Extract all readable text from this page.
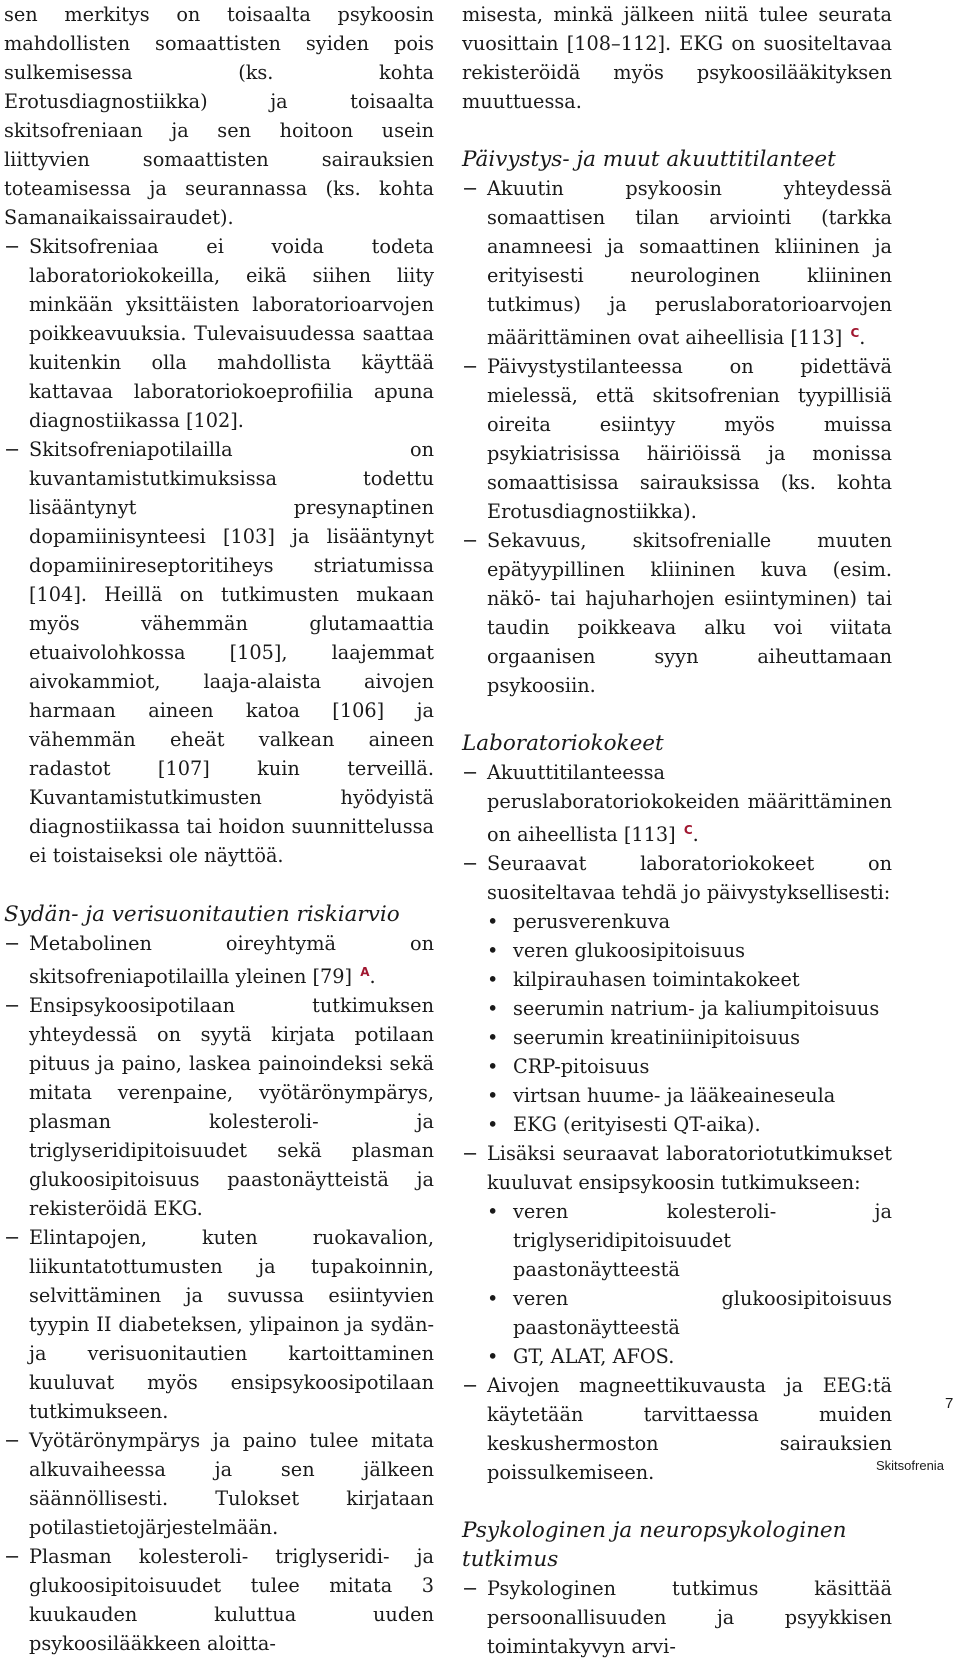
sen merkitys on toisaalta psykoosin mahdollisten somaattisten syiden pois sulkemisessa (ks. kohta Erotusdiagnostiikka) ja toisaalta skitsofreniaan ja sen hoitoon usein liittyvien somaattisten sairauksien toteamisessa ja seurannassa (ks. kohta Samanaikaissairaudet).

− Skitsofreniaa ei voida todeta laboratoriokokeilla, eikä siihen liity minkään yksittäisten laboratorioarvojen poikkeavuuksia. Tulevaisuudessa saattaa kuitenkin olla mahdollista käyttää kattavaa laboratoriokoeprofiilia apuna diagnostiikassa [102].
− Skitsofreniapotilailla on kuvantamistutkimuksissa todettu lisääntynyt presynaptinen dopamiinisynteesi [103] ja lisääntynyt dopamiinireseptoritiheys striatumissa [104]. Heillä on tutkimusten mukaan myös vähemmän glutamaattia etuaivolohkossa [105], laajemmat aivokammiot, laaja-alaista aivojen harmaan aineen katoa [106] ja vähemmän eheät valkean aineen radastot [107] kuin terveillä. Kuvantamistutkimusten hyödyistä diagnostiikassa tai hoidon suunnittelussa ei toistaiseksi ole näyttöä.
Sydän- ja verisuonitautien riskiarvio
− Metabolinen oireyhtymä on skitsofreniapotilailla yleinen [79] $^A$.
− Ensipsykoosipotilaan tutkimuksen yhteydessä on syytä kirjata potilaan pituus ja paino, laskea painoindeksi sekä mitata verenpaine, vyötärönympärys, plasman kolesteroli- ja triglyseridipitoisuudet sekä plasman glukoosipitoisuus paastonäytteistä ja rekisteröidä EKG.
− Elintapojen, kuten ruokavalion, liikuntatottumusten ja tupakoinnin, selvittäminen ja suvussa esiintyvien tyypin II diabeteksen, ylipainon ja sydän- ja verisuonitautien kartoittaminen kuuluvat myös ensipsykoosipotilaan tutkimukseen.
− Vyötärönympärys ja paino tulee mitata alkuvaiheessa ja sen jälkeen säännöllisesti. Tulokset kirjataan potilastietojärjestelmään.
− Plasman kolesteroli- triglyseridi- ja glukoosipitoisuudet tulee mitata 3 kuukauden kuluttua uuden psykoosilääkkeen aloitta-

misesta, minkä jälkeen niitä tulee seurata vuosittain [108–112]. EKG on suositeltavaa rekisteröidä myös psykoosilääkityksen muuttuessa.

Päivystys- ja muut akuuttitilanteet
− Akuutin psykoosin yhteydessä somaattisen tilan arviointi (tarkka anamneesi ja somaattinen kliininen ja erityisesti neurologinen kliininen tutkimus) ja peruslaboratorioarvojen määrittäminen ovat aiheellisia [113] $^C$.
− Päivystystilanteessa on pidettävä mielessä, että skitsofrenian tyypillisiä oireita esiintyy myös muissa psykiatrisissa häiriöissä ja monissa somaattisissa sairauksissa (ks. kohta Erotusdiagnostiikka).
− Sekavuus, skitsofrenialle muuten epätyypillinen kliininen kuva (esim. näkö- tai hajuharhojen esiintyminen) tai taudin poikkeava alku voi viitata orgaanisen syyn aiheuttamaan psykoosiin.
Laboratoriokokeet
− Akuuttitilanteessa peruslaboratoriokokeiden määrittäminen on aiheellista [113] $^C$.
− Seuraavat laboratoriokokeet on suositeltavaa tehdä jo päivystyksellisesti:
• perusverenkuva
• veren glukoosipitoisuus
• kilpirauhasen toimintakokeet
• seerumin natrium- ja kaliumpitoisuus
• seerumin kreatiniinipitoisuus
• CRP-pitoisuus
• virtsan huume- ja lääkeaineseula
• EKG (erityisesti QT-aika).
− Lisäksi seuraavat laboratoriotutkimukset kuuluvat ensipsykoosin tutkimukseen:
• veren kolesteroli- ja triglyseridipitoisuudet paastonäytteestä
• veren glukoosipitoisuus paastonäytteestä
• GT, ALAT, AFOS.
− Aivojen magneettikuvausta ja EEG:tä käytetään tarvittaessa muiden keskushermoston sairauksien poissulkemiseen.
Psykologinen ja neuropsykologinen tutkimus
− Psykologinen tutkimus käsittää persoonallisuuden ja psyykkisen toimintakyvyn arvi-
7
Skitsofrenia
